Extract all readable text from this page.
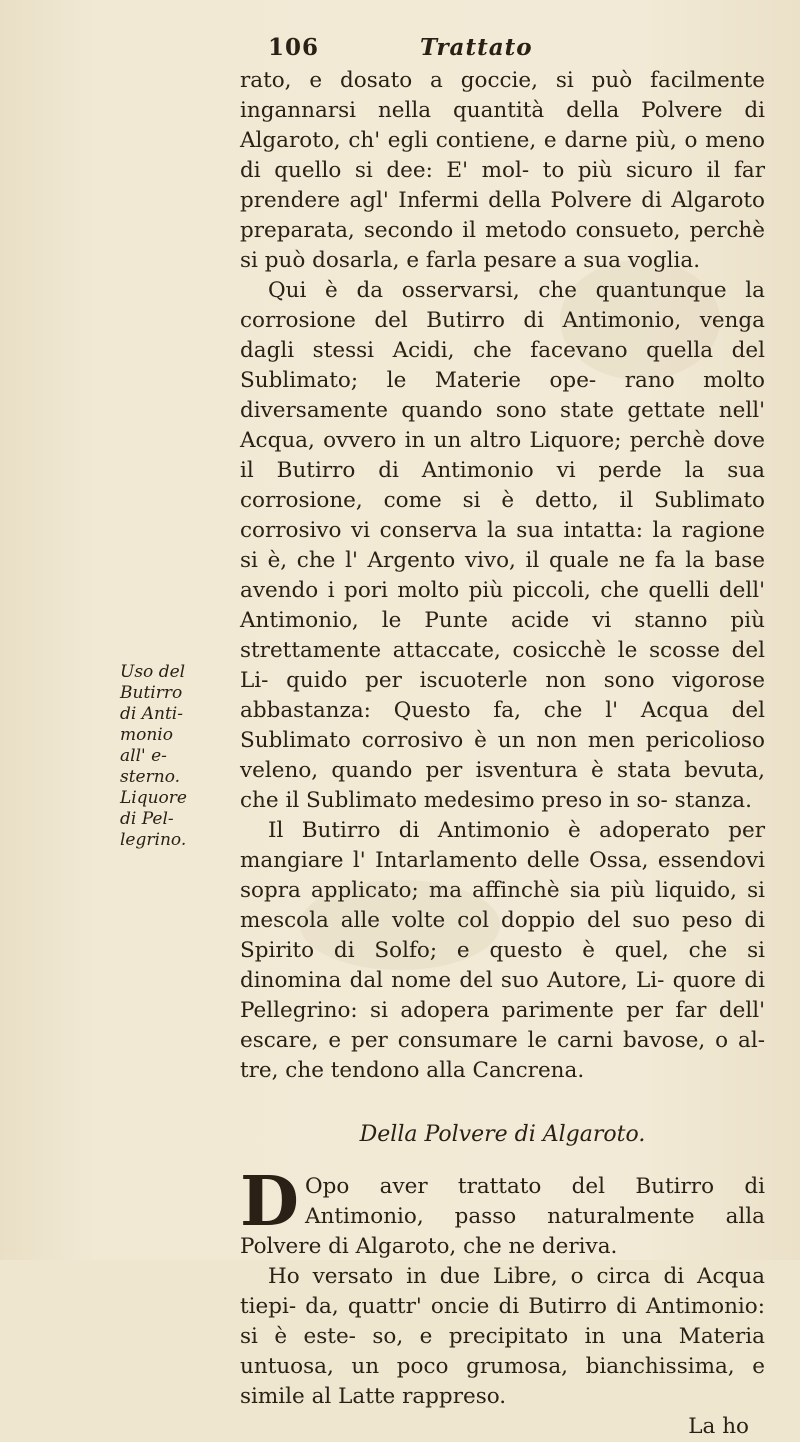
106	Trattato
Uso del
Butirro
di Anti-
monio
all' e-
sterno.
Liquore
di Pel-
legrino.

rato, e dosato a goccie, si può facilmente ingannarsi nella quantità della Polvere di Algaroto, ch' egli contiene, e darne più, o meno di quello si dee: E' mol- to più sicuro il far prendere agl' Infermi della Polvere di Algaroto preparata, secondo il metodo consueto, perchè si può dosarla, e farla pesare a sua voglia.

Qui è da osservarsi, che quantunque la corrosione del Butirro di Antimonio, venga dagli stessi Acidi, che facevano quella del Sublimato; le Materie ope- rano molto diversamente quando sono state gettate nell' Acqua, ovvero in un altro Liquore; perchè dove il Butirro di Antimonio vi perde la sua corrosione, come si è detto, il Sublimato corrosivo vi conserva la sua intatta: la ragione si è, che l' Argento vivo, il quale ne fa la base avendo i pori molto più piccoli, che quelli dell' Antimonio, le Punte acide vi stanno più strettamente attaccate, cosicchè le scosse del Li- quido per iscuoterle non sono vigorose abbastanza: Questo fa, che l' Acqua del Sublimato corrosivo è un non men pericolioso veleno, quando per isventura è stata bevuta, che il Sublimato medesimo preso in so- stanza.

Il Butirro di Antimonio è adoperato per mangiare l' Intarlamento delle Ossa, essendovi sopra applicato; ma affinchè sia più liquido, si mescola alle volte col doppio del suo peso di Spirito di Solfo; e questo è quel, che si dinomina dal nome del suo Autore, Li- quore di Pellegrino: si adopera parimente per far dell' escare, e per consumare le carni bavose, o al- tre, che tendono alla Cancrena.

Della Polvere di Algaroto.

D Opo aver trattato del Butirro di Antimonio, passo naturalmente alla Polvere di Algaroto, che ne deriva.

Ho versato in due Libre, o circa di Acqua tiepi- da, quattr' oncie di Butirro di Antimonio: si è este- so, e precipitato in una Materia untuosa, un poco grumosa, bianchissima, e simile al Latte rappreso.

La ho
